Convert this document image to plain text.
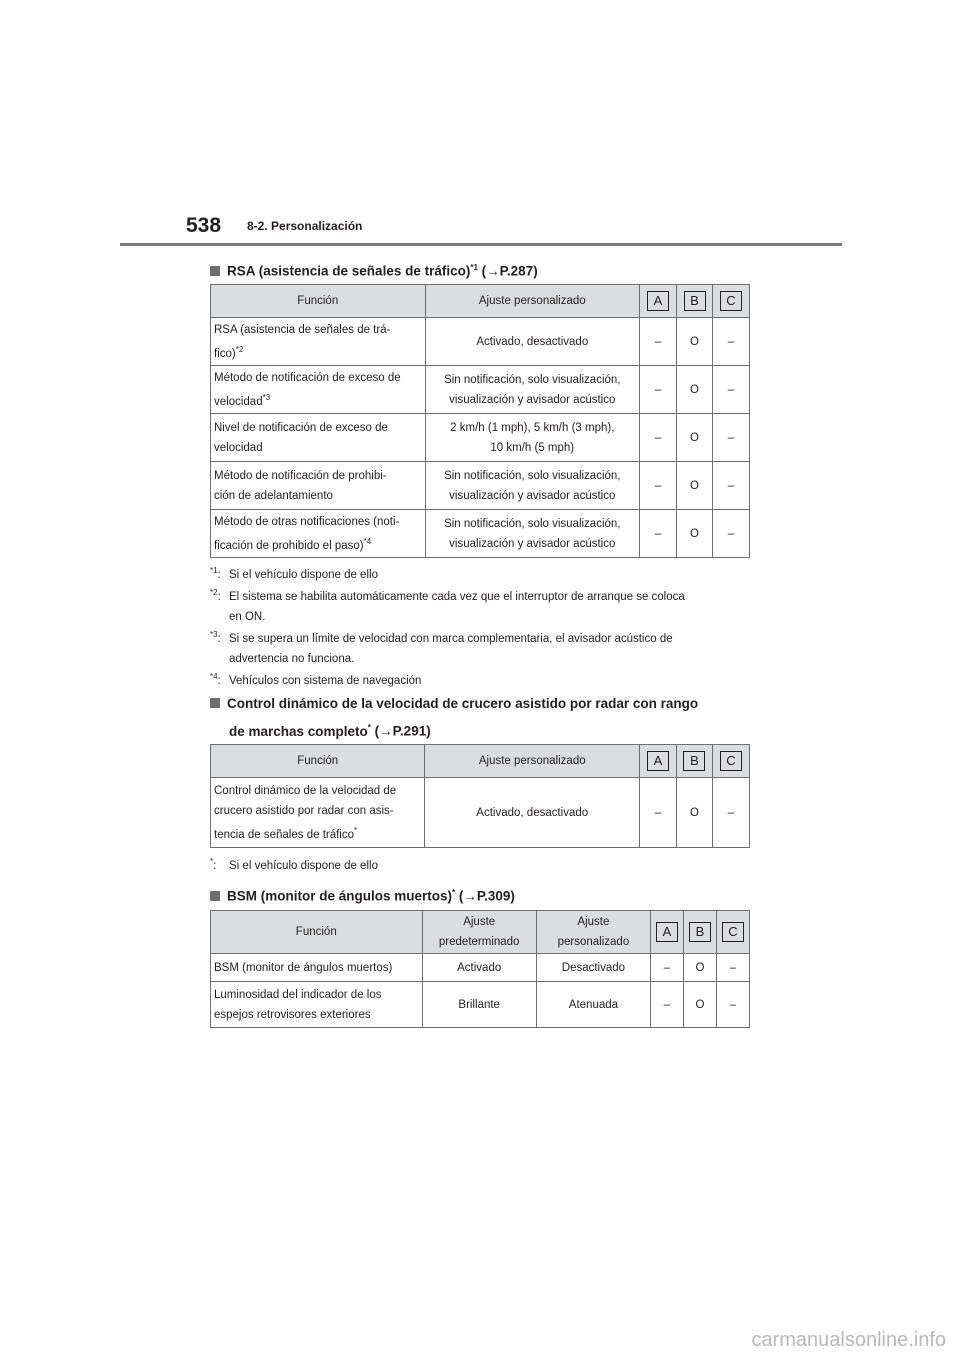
538 8-2. Personalización
RSA (asistencia de señales de tráfico)$^{*1}$ (→P.287)
Función	Ajuste personalizado	A	B	C
RSA (asistencia de señales de trá-
fico)$^{*2}$	Activado, desactivado	–	O	–
Método de notificación de exceso de
velocidad$^{*3}$	Sin notificación, solo visualización,
visualización y avisador acústico	–	O	–
Nivel de notificación de exceso de
velocidad	2 km/h (1 mph), 5 km/h (3 mph),
10 km/h (5 mph)	–	O	–
Método de notificación de prohibi-
ción de adelantamiento	Sin notificación, solo visualización,
visualización y avisador acústico	–	O	–
Método de otras notificaciones (noti-
ficación de prohibido el paso)$^{*4}$	Sin notificación, solo visualización,
visualización y avisador acústico	–	O	–
$^{*1}$: Si el vehículo dispone de ello
$^{*2}$: El sistema se habilita automáticamente cada vez que el interruptor de arranque se coloca
en ON.
$^{*3}$: Si se supera un límite de velocidad con marca complementaria, el avisador acústico de
advertencia no funciona.
$^{*4}$: Vehículos con sistema de navegación
Control dinámico de la velocidad de crucero asistido por radar con rango
de marchas completo* (→P.291)
Función	Ajuste personalizado	A	B	C
Control dinámico de la velocidad de
crucero asistido por radar con asis-
tencia de señales de tráfico*	Activado, desactivado	–	O	–
*: Si el vehículo dispone de ello
BSM (monitor de ángulos muertos)* (→P.309)
Función	Ajuste
predeterminado	Ajuste
personalizado	A	B	C
BSM (monitor de ángulos muertos)	Activado	Desactivado	–	O	–
Luminosidad del indicador de los
espejos retrovisores exteriores	Brillante	Atenuada	–	O	–
carmanualsonline.info
